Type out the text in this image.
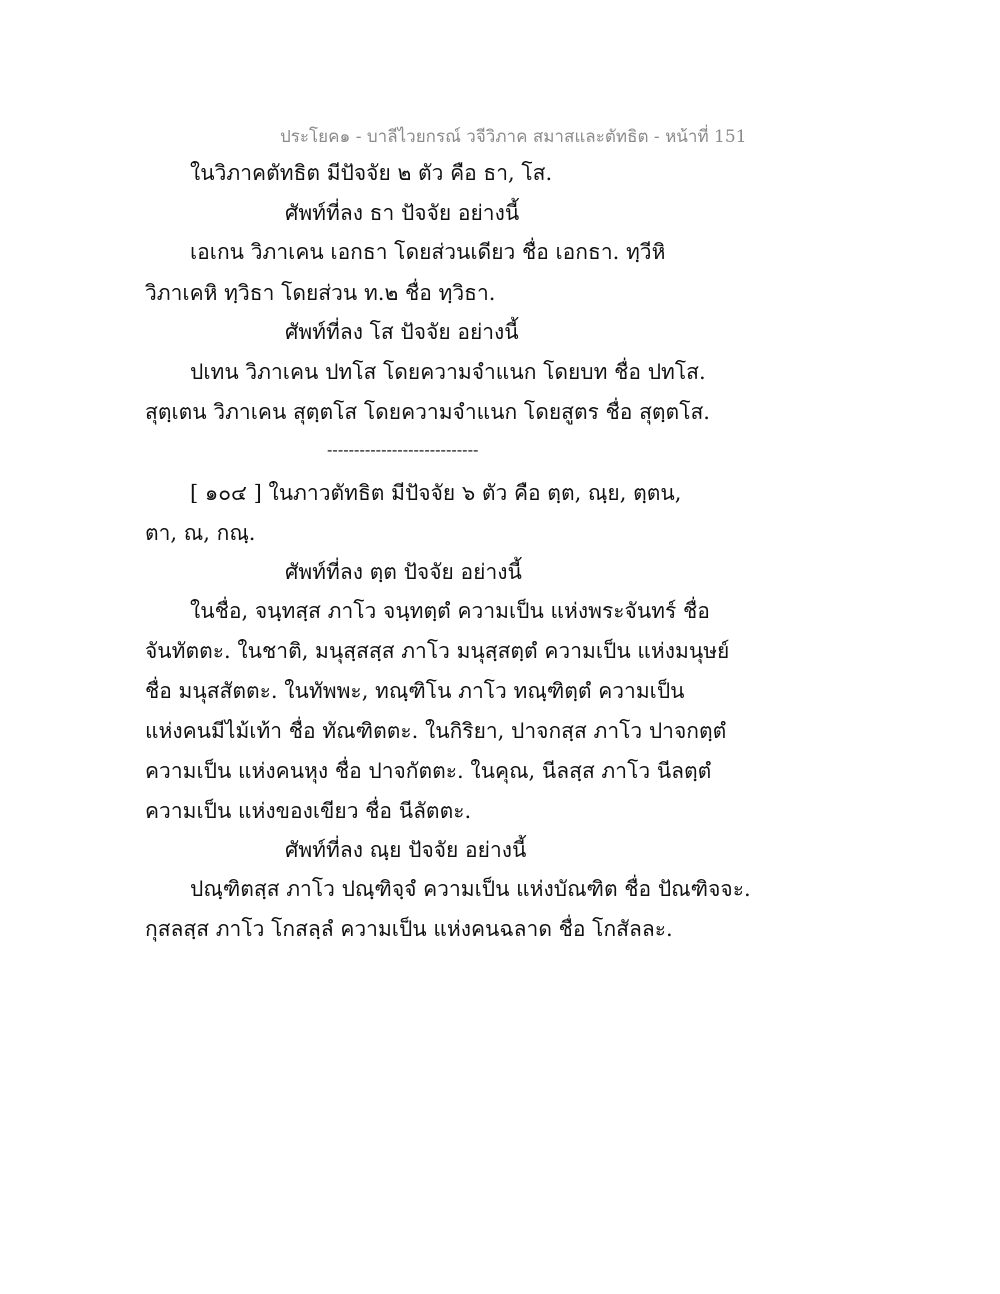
ประโยค๑ - บาลีไวยกรณ์ วจีวิภาค สมาสและตัทธิต - หน้าที่ 151
ในวิภาคตัทธิต มีปัจจัย ๒ ตัว คือ ธา, โส.
ศัพท์ที่ลง ธา ปัจจัย อย่างนี้
เอเกน วิภาเคน เอกธา โดยส่วนเดียว ชื่อ เอกธา. ทฺวีหิ
วิภาเคหิ ทฺวิธา โดยส่วน ท.๒ ชื่อ ทฺวิธา.
ศัพท์ที่ลง โส ปัจจัย อย่างนี้
ปเทน วิภาเคน ปทโส โดยความจำแนก โดยบท ชื่อ ปทโส.
สุตฺเตน วิภาเคน สุตฺตโส โดยความจำแนก โดยสูตร ชื่อ สุตฺตโส.
----------------------------
[ ๑๐๔ ] ในภาวตัทธิต มีปัจจัย ๖ ตัว คือ ตฺต, ณฺย, ตฺตน,
ตา, ณ, กณฺ.
ศัพท์ที่ลง ตฺต ปัจจัย อย่างนี้
ในชื่อ, จนฺทสฺส ภาโว จนฺทตฺตํ ความเป็น แห่งพระจันทร์ ชื่อ
จันทัตตะ. ในชาติ, มนุสฺสสฺส ภาโว มนุสฺสตฺตํ ความเป็น แห่งมนุษย์
ชื่อ มนุสสัตตะ. ในทัพพะ, ทณฺฑิโน ภาโว ทณฺฑิตฺตํ ความเป็น
แห่งคนมีไม้เท้า ชื่อ ทัณฑิตตะ. ในกิริยา, ปาจกสฺส ภาโว ปาจกตฺตํ
ความเป็น แห่งคนหุง ชื่อ ปาจกัตตะ. ในคุณ, นีลสฺส ภาโว นีลตฺตํ
ความเป็น แห่งของเขียว ชื่อ นีลัตตะ.
ศัพท์ที่ลง ณฺย ปัจจัย อย่างนี้
ปณฺฑิตสฺส ภาโว ปณฺฑิจฺจํ ความเป็น แห่งบัณฑิต ชื่อ ปัณฑิจจะ.
กุสลสฺส ภาโว โกสลฺลํ ความเป็น แห่งคนฉลาด ชื่อ โกสัลละ.
